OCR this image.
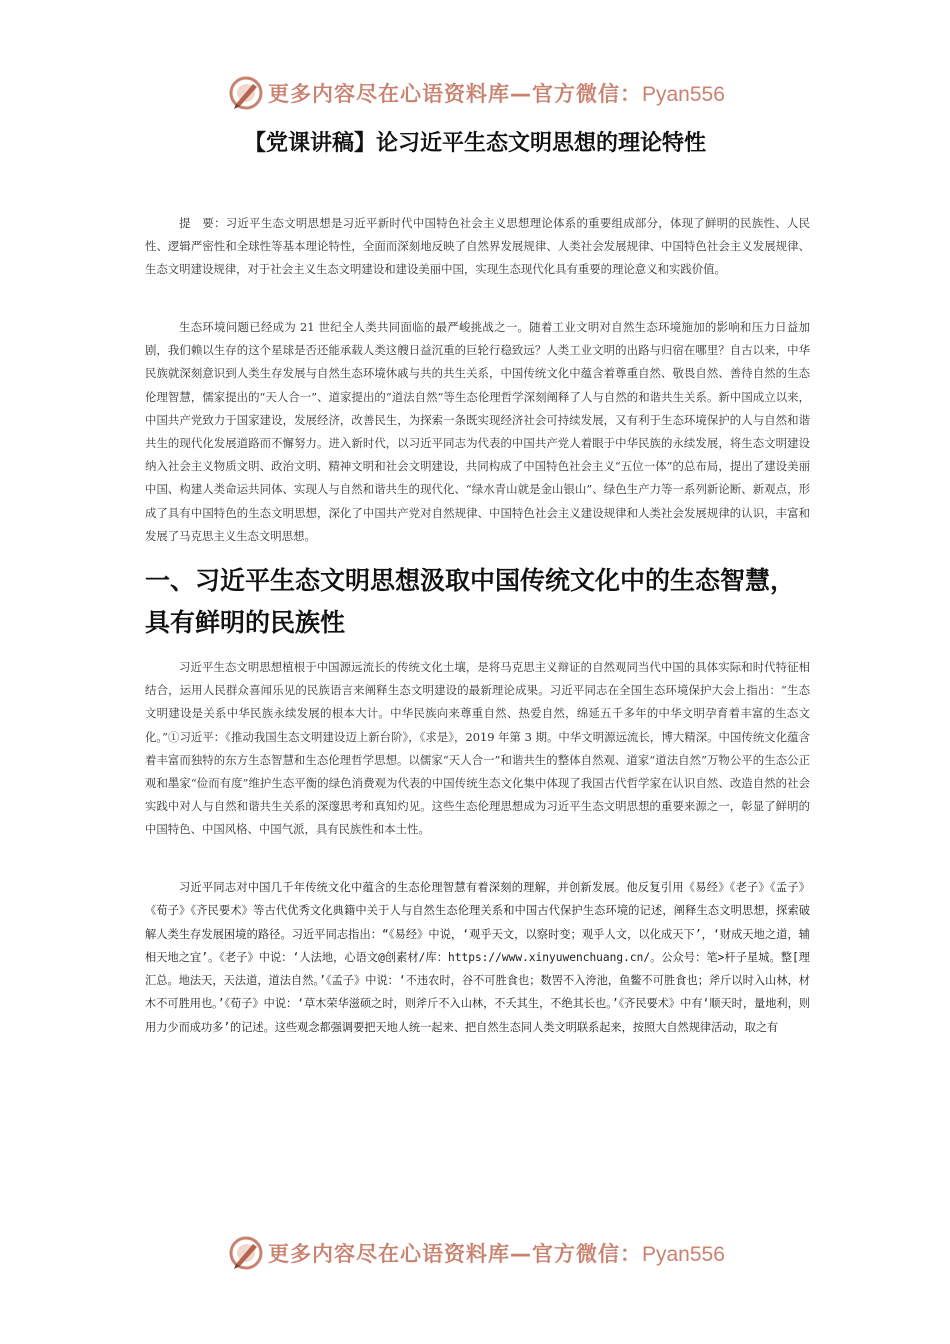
更多内容尽在心语资料库—官方微信：Pyan556
【党课讲稿】论习近平生态文明思想的理论特性

提　要：习近平生态文明思想是习近平新时代中国特色社会主义思想理论体系的重要组成部分，体现了鲜明的民族性、人民性、逻辑严密性和全球性等基本理论特性，全面而深刻地反映了自然界发展规律、人类社会发展规律、中国特色社会主义发展规律、生态文明建设规律，对于社会主义生态文明建设和建设美丽中国，实现生态现代化具有重要的理论意义和实践价值。

生态环境问题已经成为 21 世纪全人类共同面临的最严峻挑战之一。随着工业文明对自然生态环境施加的影响和压力日益加剧，我们赖以生存的这个星球是否还能承载人类这艘日益沉重的巨轮行稳致远？人类工业文明的出路与归宿在哪里？自古以来，中华民族就深刻意识到人类生存发展与自然生态环境休戚与共的共生关系，中国传统文化中蕴含着尊重自然、敬畏自然、善待自然的生态伦理智慧，儒家提出的“天人合一”、道家提出的“道法自然”等生态伦理哲学深刻阐释了人与自然的和谐共生关系。新中国成立以来，中国共产党致力于国家建设，发展经济，改善民生，为探索一条既实现经济社会可持续发展，又有利于生态环境保护的人与自然和谐共生的现代化发展道路而不懈努力。进入新时代，以习近平同志为代表的中国共产党人着眼于中华民族的永续发展，将生态文明建设纳入社会主义物质文明、政治文明、精神文明和社会文明建设，共同构成了中国特色社会主义“五位一体”的总布局，提出了建设美丽中国、构建人类命运共同体、实现人与自然和谐共生的现代化、“绿水青山就是金山银山”、绿色生产力等一系列新论断、新观点，形成了具有中国特色的生态文明思想，深化了中国共产党对自然规律、中国特色社会主义建设规律和人类社会发展规律的认识，丰富和发展了马克思主义生态文明思想。

一、习近平生态文明思想汲取中国传统文化中的生态智慧，具有鲜明的民族性

习近平生态文明思想植根于中国源远流长的传统文化土壤，是将马克思主义辩证的自然观同当代中国的具体实际和时代特征相结合，运用人民群众喜闻乐见的民族语言来阐释生态文明建设的最新理论成果。习近平同志在全国生态环境保护大会上指出：“生态文明建设是关系中华民族永续发展的根本大计。中华民族向来尊重自然、热爱自然，绵延五千多年的中华文明孕育着丰富的生态文化。”①习近平：《推动我国生态文明建设迈上新台阶》，《求是》，2019 年第 3 期。中华文明源远流长，博大精深。中国传统文化蕴含着丰富而独特的东方生态智慧和生态伦理哲学思想。以儒家“天人合一”和谐共生的整体自然观、道家“道法自然”万物公平的生态公正观和墨家“俭而有度”维护生态平衡的绿色消费观为代表的中国传统生态文化集中体现了我国古代哲学家在认识自然、改造自然的社会实践中对人与自然和谐共生关系的深邃思考和真知灼见。这些生态伦理思想成为习近平生态文明思想的重要来源之一，彰显了鲜明的中国特色、中国风格、中国气派，具有民族性和本土性。

习近平同志对中国几千年传统文化中蕴含的生态伦理智慧有着深刻的理解，并创新发展。他反复引用《易经》《老子》《孟子》《荀子》《齐民要术》等古代优秀文化典籍中关于人与自然生态伦理关系和中国古代保护生态环境的记述，阐释生态文明思想，探索破解人类生存发展困境的路径。习近平同志指出：“《易经》中说，‘观乎天文，以察时变；观乎人文，以化成天下’，‘财成天地之道，辅相天地之宜’。《老子》中说：‘人法地，心语文@创素材/库：https://www.xinyuwenchuang.cn/。公众号：笔>杆子星城。整[理汇总。地法天，天法道，道法自然。’《孟子》中说：‘不违农时，谷不可胜食也；数罟不入洿池，鱼鳖不可胜食也；斧斤以时入山林，材木不可胜用也。’《荀子》中说：‘草木荣华滋硕之时，则斧斤不入山林，不夭其生，不绝其长也。’《齐民要术》中有‘顺天时，量地利，则用力少而成功多’的记述。这些观念都强调要把天地人统一起来、把自然生态同人类文明联系起来，按照大自然规律活动，取之有

更多内容尽在心语资料库—官方微信：Pyan556
